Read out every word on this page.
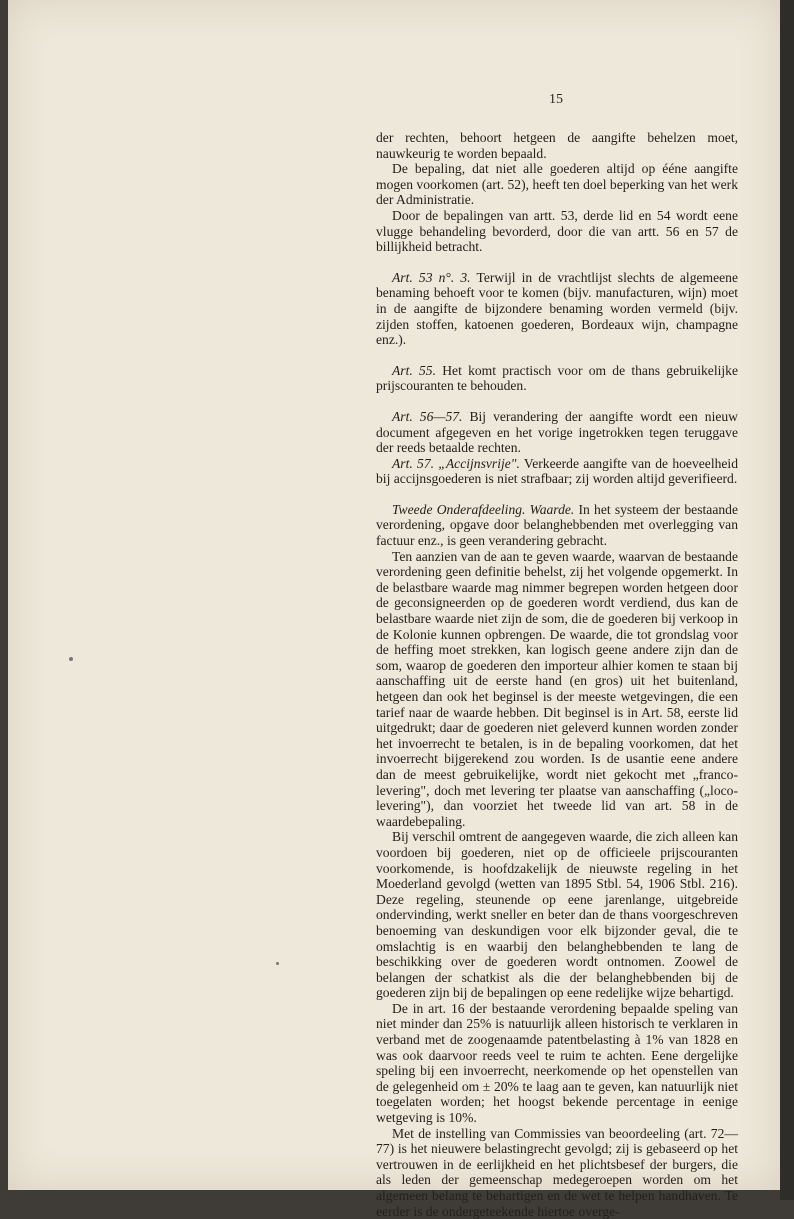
15

der rechten, behoort hetgeen de aangifte behelzen moet, nauwkeurig te worden bepaald.

De bepaling, dat niet alle goederen altijd op ééne aangifte mogen voorkomen (art. 52), heeft ten doel beperking van het werk der Administratie.

Door de bepalingen van artt. 53, derde lid en 54 wordt eene vlugge behandeling bevorderd, door die van artt. 56 en 57 de billijkheid betracht.

Art. 53 n°. 3. Terwijl in de vrachtlijst slechts de algemeene benaming behoeft voor te komen (bijv. manufacturen, wijn) moet in de aangifte de bijzondere benaming worden vermeld (bijv. zijden stoffen, katoenen goederen, Bordeaux wijn, champagne enz.).

Art. 55. Het komt practisch voor om de thans gebruikelijke prijscouranten te behouden.

Art. 56—57. Bij verandering der aangifte wordt een nieuw document afgegeven en het vorige ingetrokken tegen teruggave der reeds betaalde rechten.

Art. 57. „Accijnsvrije". Verkeerde aangifte van de hoeveelheid bij accijnsgoederen is niet strafbaar; zij worden altijd geverifieerd.

Tweede Onderafdeeling. Waarde. In het systeem der bestaande verordening, opgave door belanghebbenden met overlegging van factuur enz., is geen verandering gebracht.

Ten aanzien van de aan te geven waarde, waarvan de bestaande verordening geen definitie behelst, zij het volgende opgemerkt. In de belastbare waarde mag nimmer begrepen worden hetgeen door de geconsigneerden op de goederen wordt verdiend, dus kan de belastbare waarde niet zijn de som, die de goederen bij verkoop in de Kolonie kunnen opbrengen. De waarde, die tot grondslag voor de heffing moet strekken, kan logisch geene andere zijn dan de som, waarop de goederen den importeur alhier komen te staan bij aanschaffing uit de eerste hand (en gros) uit het buitenland, hetgeen dan ook het beginsel is der meeste wetgevingen, die een tarief naar de waarde hebben. Dit beginsel is in Art. 58, eerste lid uitgedrukt; daar de goederen niet geleverd kunnen worden zonder het invoerrecht te betalen, is in de bepaling voorkomen, dat het invoerrecht bijgerekend zou worden. Is de usantie eene andere dan de meest gebruikelijke, wordt niet gekocht met „franco-levering", doch met levering ter plaatse van aanschaffing („loco-levering"), dan voorziet het tweede lid van art. 58 in de waardebepaling.

Bij verschil omtrent de aangegeven waarde, die zich alleen kan voordoen bij goederen, niet op de officieele prijscouranten voorkomende, is hoofdzakelijk de nieuwste regeling in het Moederland gevolgd (wetten van 1895 Stbl. 54, 1906 Stbl. 216). Deze regeling, steunende op eene jarenlange, uitgebreide ondervinding, werkt sneller en beter dan de thans voorgeschreven benoeming van deskundigen voor elk bijzonder geval, die te omslachtig is en waarbij den belanghebbenden te lang de beschikking over de goederen wordt ontnomen. Zoowel de belangen der schatkist als die der belanghebbenden bij de goederen zijn bij de bepalingen op eene redelijke wijze behartigd.

De in art. 16 der bestaande verordening bepaalde speling van niet minder dan 25% is natuurlijk alleen historisch te verklaren in verband met de zoogenaamde patentbelasting à 1% van 1828 en was ook daarvoor reeds veel te ruim te achten. Eene dergelijke speling bij een invoerrecht, neerkomende op het openstellen van de gelegenheid om ± 20% te laag aan te geven, kan natuurlijk niet toegelaten worden; het hoogst bekende percentage in eenige wetgeving is 10%.

Met de instelling van Commissies van beoordeeling (art. 72—77) is het nieuwere belastingrecht gevolgd; zij is gebaseerd op het vertrouwen in de eerlijkheid en het plichtsbesef der burgers, die als leden der gemeenschap medegeroepen worden om het algemeen belang te behartigen en de wet te helpen handhaven. Te eerder is de ondergeteekende hiertoe overge-
